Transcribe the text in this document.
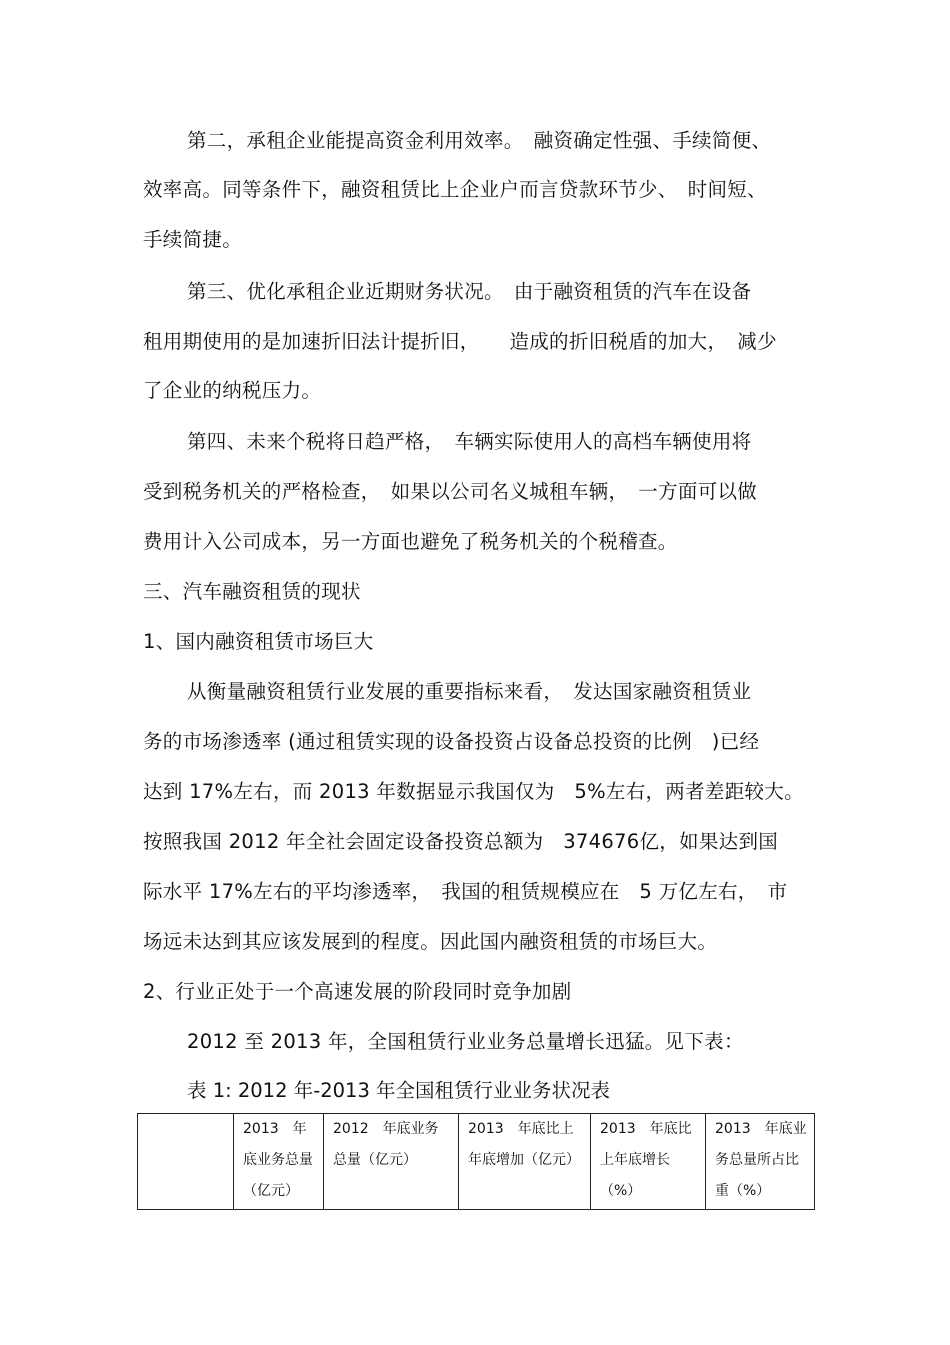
第二，承租企业能提高资金利用效率。　融资确定性强、手续简便、
效率高。同等条件下，融资租赁比上企业户而言贷款环节少、　时间短、
手续简捷。
第三、优化承租企业近期财务状况。　由于融资租赁的汽车在设备
租用期使用的是加速折旧法计提折旧，　　造成的折旧税盾的加大，　减少
了企业的纳税压力。
第四、未来个税将日趋严格，　车辆实际使用人的高档车辆使用将
受到税务机关的严格检查，　如果以公司名义城租车辆，　一方面可以做
费用计入公司成本，另一方面也避免了税务机关的个税稽查。
三、汽车融资租赁的现状
1、国内融资租赁市场巨大
从衡量融资租赁行业发展的重要指标来看，　发达国家融资租赁业
务的市场渗透率 (通过租赁实现的设备投资占设备总投资的比例　)已经
达到 17%左右，而 2013 年数据显示我国仅为　5%左右，两者差距较大。
按照我国 2012 年全社会固定设备投资总额为　374676亿，如果达到国
际水平 17%左右的平均渗透率，　我国的租赁规模应在　5 万亿左右，　市
场远未达到其应该发展到的程度。因此国内融资租赁的市场巨大。
2、行业正处于一个高速发展的阶段同时竞争加剧
2012 至 2013 年，全国租赁行业业务总量增长迅猛。见下表：
表 1: 2012 年-2013 年全国租赁行业业务状况表
	2013　年底业务总量（亿元）	2012　年底业务总量（亿元）	2013　年底比上年底增加（亿元）	2013　年底比上年底增长（%）	2013　年底业务总量所占比重（%）
